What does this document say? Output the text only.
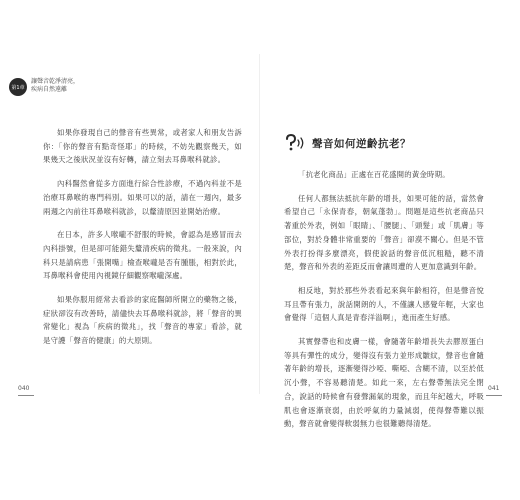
第1章
讓聲音乾淨清亮，
疾病自然遠離

如果你發現自己的聲音有些異常，或者家人和朋友告訴你：「你的聲音有點奇怪耶」的時候，不妨先觀察幾天，如果幾天之後狀況並沒有好轉，請立刻去耳鼻喉科就診。

內科醫然會從多方面進行綜合性診療，不過內科並不是治療耳鼻喉的專門科別。如果可以的話，請在一週內，最多兩週之內前往耳鼻喉科就診，以釐清原因並開始治療。

在日本，許多人喉嚨不舒服的時候，會認為是感冒而去內科掛號，但是卻可能錯失釐清疾病的徵兆。一般來說，內科只是請病患「張開嘴」檢查喉嚨是否有腫脹，相對於此，耳鼻喉科會使用內視鏡仔細觀察喉嚨深處。

如果你服用經常去看診的家庭醫師所開立的藥物之後，症狀卻沒有改善時，請儘快去耳鼻喉科就診，將「聲音的異常變化」視為「疾病的徵兆」，找「聲音的專家」看診，就是守護「聲音的健康」的大原則。

040
聲音如何逆齡抗老？

「抗老化商品」正處在百花盛開的黃金時期。

任何人都無法抵抗年齡的增長，如果可能的話，當然會希望自己「永保青春，朝氣蓬勃」。問題是這些抗老商品只著重於外表，例如「眼睛」、「腰腿」、「頭髮」或「肌膚」等部位，對於身體非常重要的「聲音」卻漠不關心。但是不管外表打扮得多麼漂亮，假使說話的聲音低沉粗糙，聽不清楚，聲音和外表的差距反而會讓周遭的人更加意識到年齡。

相反地，對於那些外表看起來與年齡相符，但是聲音悅耳且帶有張力，說話開朗的人，不僅讓人感覺年輕，大家也會覺得「這個人真是青春洋溢啊」，進而產生好感。

其實聲帶也和皮膚一樣，會隨著年齡增長失去膠原蛋白等具有彈性的成分，變得沒有張力並形成皺紋，聲音也會隨著年齡的增長，逐漸變得沙啞、嘶啞、含糊不清，以至於低沉小聲，不容易聽清楚。如此一來，左右聲帶無法完全閉合，說話的時候會有發聲漏氣的現象，而且年紀越大，呼吸肌也會逐漸衰弱，由於呼氣的力量減弱，使得聲帶難以振動，聲音就會變得軟弱無力也很難聽得清楚。

041
